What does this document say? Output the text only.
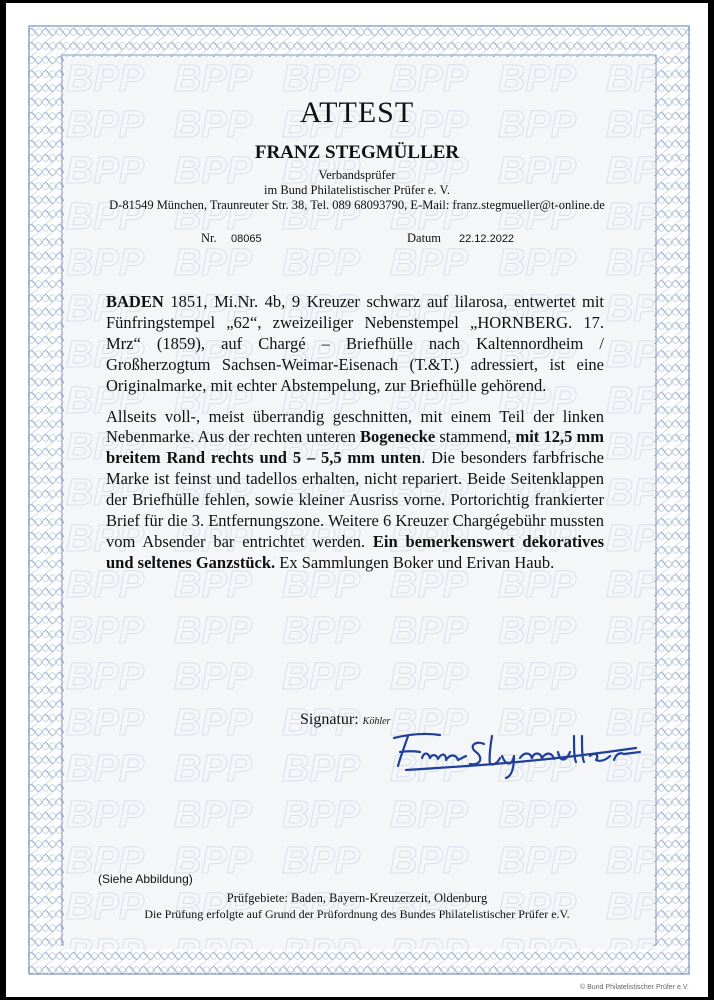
ATTEST
FRANZ STEGMÜLLER
Verbandsprüfer
im Bund Philatelistischer Prüfer e. V.
D-81549 München, Traunreuter Str. 38, Tel. 089 68093790, E-Mail: franz.stegmueller@t-online.de
Nr. 08065	Datum 22.12.2022

BADEN 1851, Mi.Nr. 4b, 9 Kreuzer schwarz auf lilarosa, entwertet mit Fünfringstempel „62“, zweizeiliger Nebenstempel „HORNBERG. 17. Mrz“ (1859), auf Chargé – Briefhülle nach Kaltennordheim / Großherzogtum Sachsen-Weimar-Eisenach (T.&T.) adressiert, ist eine Originalmarke, mit echter Abstempelung, zur Briefhülle gehörend.

Allseits voll-, meist überrandig geschnitten, mit einem Teil der linken Nebenmarke. Aus der rechten unteren Bogenecke stammend, mit 12,5 mm breitem Rand rechts und 5 – 5,5 mm unten. Die besonders farbfrische Marke ist feinst und tadellos erhalten, nicht repariert. Beide Seitenklappen der Briefhülle fehlen, sowie kleiner Ausriss vorne. Portorichtig frankierter Brief für die 3. Entfernungszone. Weitere 6 Kreuzer Chargégebühr mussten vom Absender bar entrichtet werden. Ein bemerkenswert dekoratives und seltenes Ganzstück. Ex Sammlungen Boker und Erivan Haub.

Signatur: Köhler
(Siehe Abbildung)
Prüfgebiete: Baden, Bayern-Kreuzerzeit, Oldenburg
Die Prüfung erfolgte auf Grund der Prüfordnung des Bundes Philatelistischer Prüfer e.V.
© Bund Philatelistischer Prüfer e.V.
